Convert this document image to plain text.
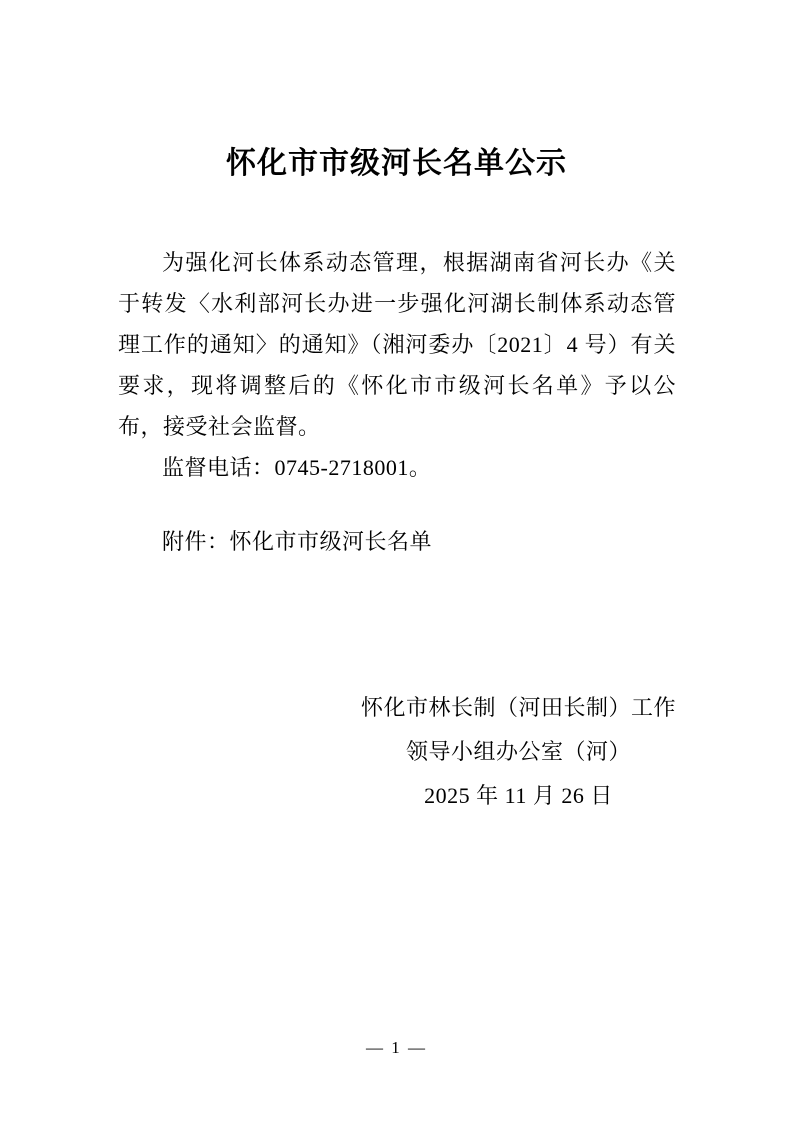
怀化市市级河长名单公示

为强化河长体系动态管理，根据湖南省河长办《关于转发〈水利部河长办进一步强化河湖长制体系动态管理工作的通知〉的通知》（湘河委办〔2021〕4 号）有关要求，现将调整后的《怀化市市级河长名单》予以公布，接受社会监督。

监督电话：0745-2718001。

附件：怀化市市级河长名单

怀化市林长制（河田长制）工作

领导小组办公室（河）

2025 年 11 月 26 日

— 1 —
